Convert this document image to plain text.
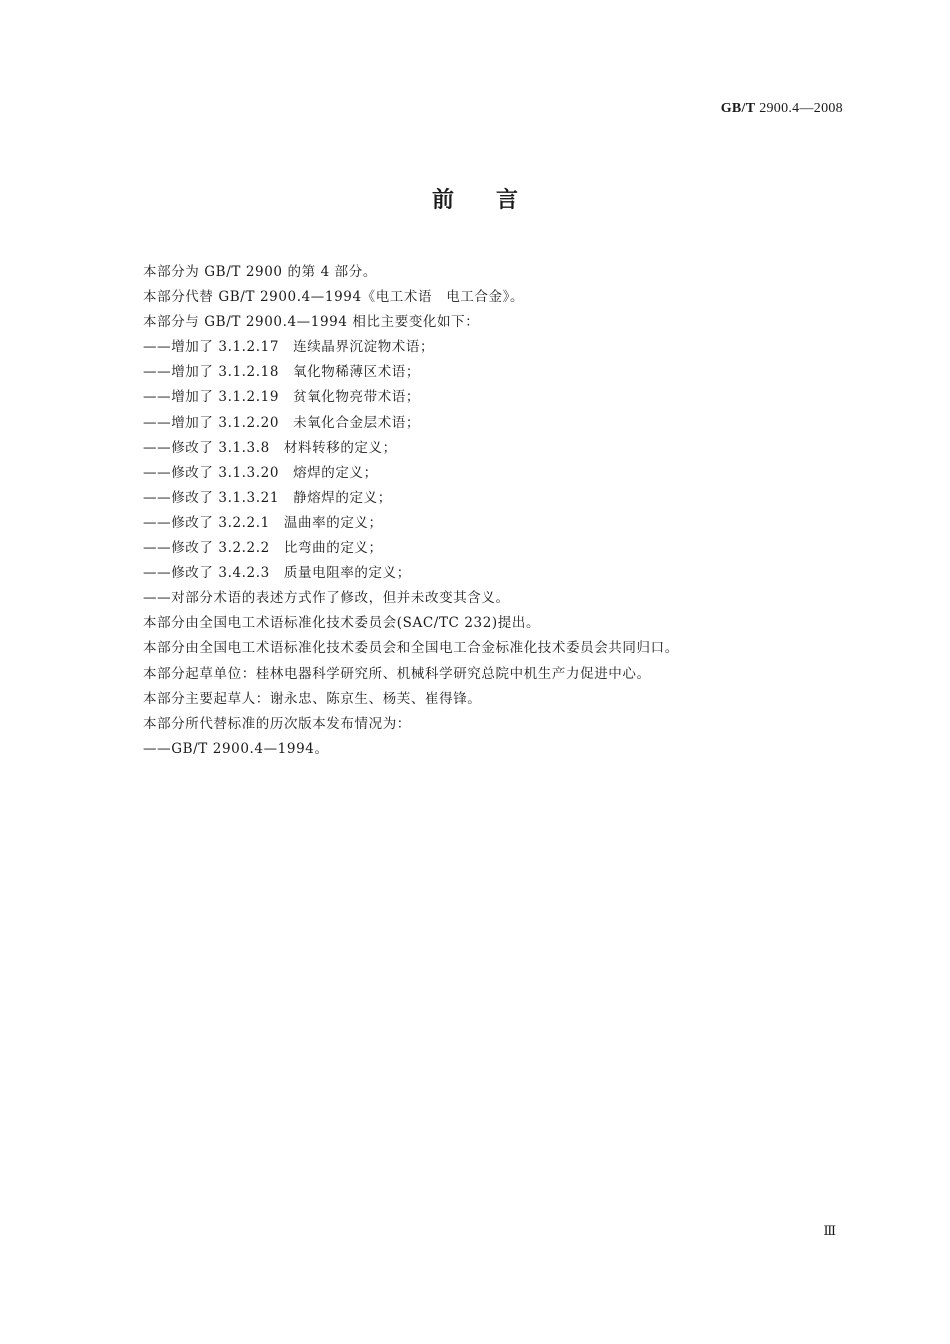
GB/T 2900.4—2008
前言
本部分为 GB/T 2900 的第 4 部分。
本部分代替 GB/T 2900.4—1994《电工术语　电工合金》。
本部分与 GB/T 2900.4—1994 相比主要变化如下：
——增加了 3.1.2.17　连续晶界沉淀物术语；
——增加了 3.1.2.18　氧化物稀薄区术语；
——增加了 3.1.2.19　贫氧化物亮带术语；
——增加了 3.1.2.20　未氧化合金层术语；
——修改了 3.1.3.8　材料转移的定义；
——修改了 3.1.3.20　熔焊的定义；
——修改了 3.1.3.21　静熔焊的定义；
——修改了 3.2.2.1　温曲率的定义；
——修改了 3.2.2.2　比弯曲的定义；
——修改了 3.4.2.3　质量电阻率的定义；
——对部分术语的表述方式作了修改，但并未改变其含义。
本部分由全国电工术语标准化技术委员会(SAC/TC 232)提出。
本部分由全国电工术语标准化技术委员会和全国电工合金标准化技术委员会共同归口。
本部分起草单位：桂林电器科学研究所、机械科学研究总院中机生产力促进中心。
本部分主要起草人：谢永忠、陈京生、杨芙、崔得锋。
本部分所代替标准的历次版本发布情况为：
——GB/T 2900.4—1994。
Ⅲ
